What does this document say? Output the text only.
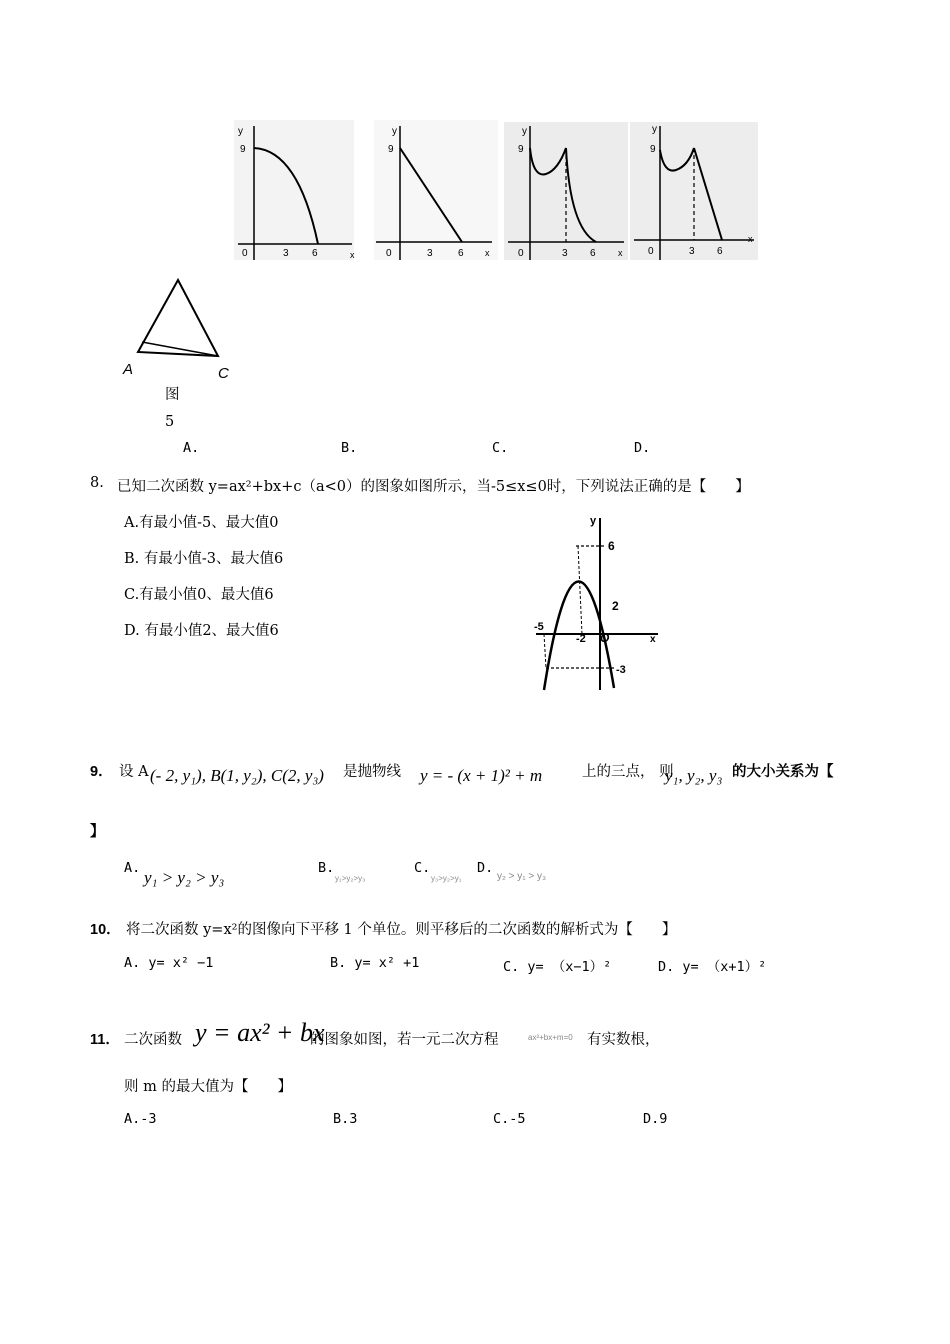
y
9
0	3 6	x
y
9
0	3	6 x
y
9
0	3 6 x
y
9
0	3 6
x
A	C
图
5
A.	B.	C.	D.
8. 已知二次函数 y=ax²+bx+c（a<0）的图象如图所示，当-5≤x≤0时，下列说法正确的是【　　】
A.有最小值-5、最大值0
B. 有最小值-3、最大值6
C.有最小值0、最大值6
D. 有最小值2、最大值6
y
x
6
2
-5
-2 O
-3
9． 设 A (- 2, y₁), B(1, y₂), C(2, y₃) 是抛物线 y = - (x + 1)² + m	上的三点， 则
y₁, y₂, y₃ 的大小关系为【
】
A. y₁ > y₂ > y₃	B.
y₁>y₂>y₃
C.
y₃>y₂>y₁
D.
y₂ > y₁ > y₃
10． 将二次函数 y=x²的图像向下平移 1 个单位。则平移后的二次函数的解析式为【　　】
A. y= x² −1	B. y= x² +1	C. y= （x−1）²	D. y= （x+1）²
11． 二次函数 y = ax² + bx
的图象如图，若一元二次方程	ax²+bx+m=0 有实数根，
则 m 的最大值为【　　】
A.-3	B.3	C.-5	D.9
